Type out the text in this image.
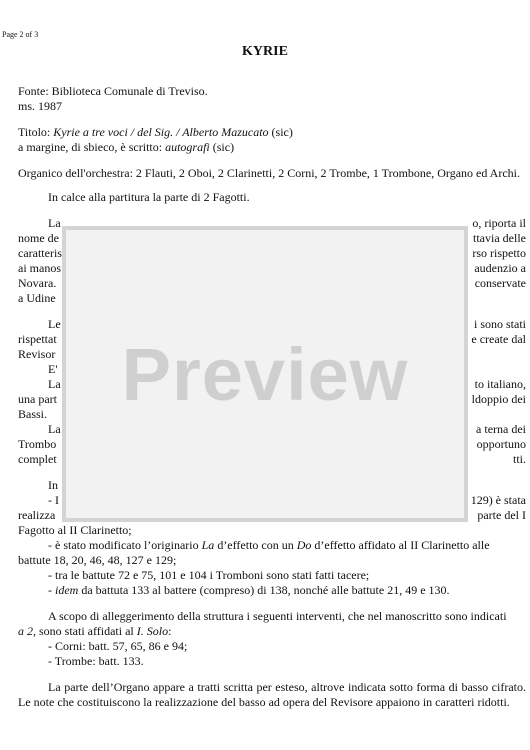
Page 2 of 3
KYRIE

Fonte: Biblioteca Comunale di Treviso.

ms. 1987

Titolo: Kyrie a tre voci / del Sig. / Alberto Mazucato (sic)

a margine, di sbieco, è scritto: autografi (sic)

Organico dell'orchestra: 2 Flauti, 2 Oboi, 2 Clarinetti, 2 Corni, 2 Trombe, 1 Trombone, Organo ed Archi.

In calce alla partitura la parte di 2 Fagotti.

La	o, riporta il

nome de	ttavia delle

caratteris	rso rispetto

ai manos	audenzio a

Novara.	conservate

a Udine

Le	i sono stati

rispettat	e create dal

Revisor

E'

La	to italiano,

una part	ldoppio dei

Bassi.

La	a terna dei

Trombo	opportuno

complet	tti.

In

- I	129) è stata

realizza	parte del I

Fagotto al II Clarinetto;

- è stato modificato l’originario La d’effetto con un Do d’effetto affidato al II Clarinetto alle

battute 18, 20, 46, 48, 127 e 129;

- tra le battute 72 e 75, 101 e 104 i Tromboni sono stati fatti tacere;

- idem da battuta 133 al battere (compreso) di 138, nonché alle battute 21, 49 e 130.

A scopo di alleggerimento della struttura i seguenti interventi, che nel manoscritto sono indicati

a 2, sono stati affidati al I. Solo:

- Corni: batt. 57, 65, 86 e 94;

- Trombe: batt. 133.

La parte dell’Organo appare a tratti scritta per esteso, altrove indicata sotto forma di basso cifrato. Le note che costituiscono la realizzazione del basso ad opera del Revisore appaiono in caratteri ridotti.

Preview
